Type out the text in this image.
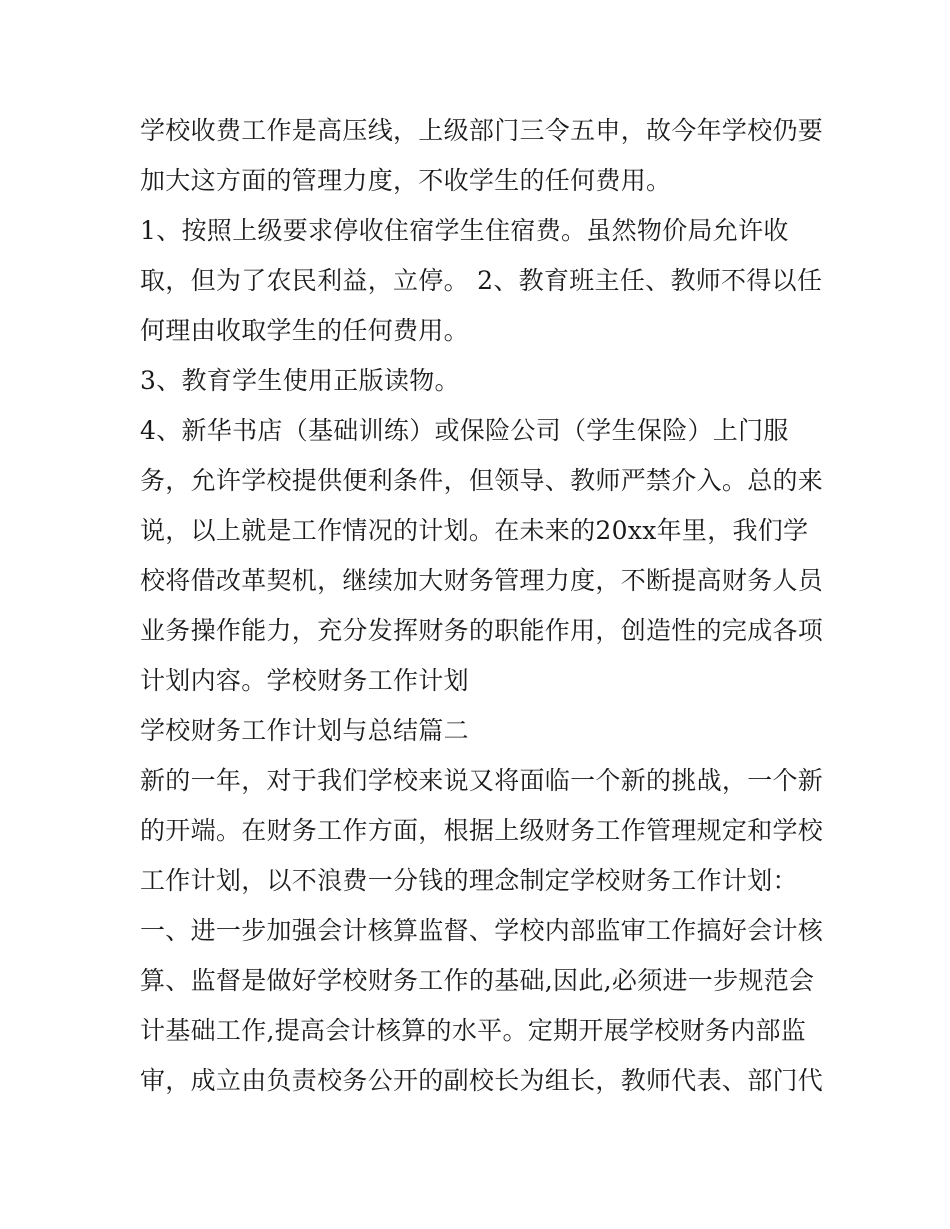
学校收费工作是高压线，上级部门三令五申，故今年学校仍要
加大这方面的管理力度，不收学生的任何费用。
1、按照上级要求停收住宿学生住宿费。虽然物价局允许收
取，但为了农民利益，立停。 2、教育班主任、教师不得以任
何理由收取学生的任何费用。
3、教育学生使用正版读物。
4、新华书店（基础训练）或保险公司（学生保险）上门服
务，允许学校提供便利条件，但领导、教师严禁介入。总的来
说，以上就是工作情况的计划。在未来的20xx年里，我们学
校将借改革契机，继续加大财务管理力度，不断提高财务人员
业务操作能力，充分发挥财务的职能作用，创造性的完成各项
计划内容。学校财务工作计划
学校财务工作计划与总结篇二
新的一年，对于我们学校来说又将面临一个新的挑战，一个新
的开端。在财务工作方面，根据上级财务工作管理规定和学校
工作计划，以不浪费一分钱的理念制定学校财务工作计划：
一、进一步加强会计核算监督、学校内部监审工作搞好会计核
算、监督是做好学校财务工作的基础,因此,必须进一步规范会
计基础工作,提高会计核算的水平。定期开展学校财务内部监
审，成立由负责校务公开的副校长为组长，教师代表、部门代
